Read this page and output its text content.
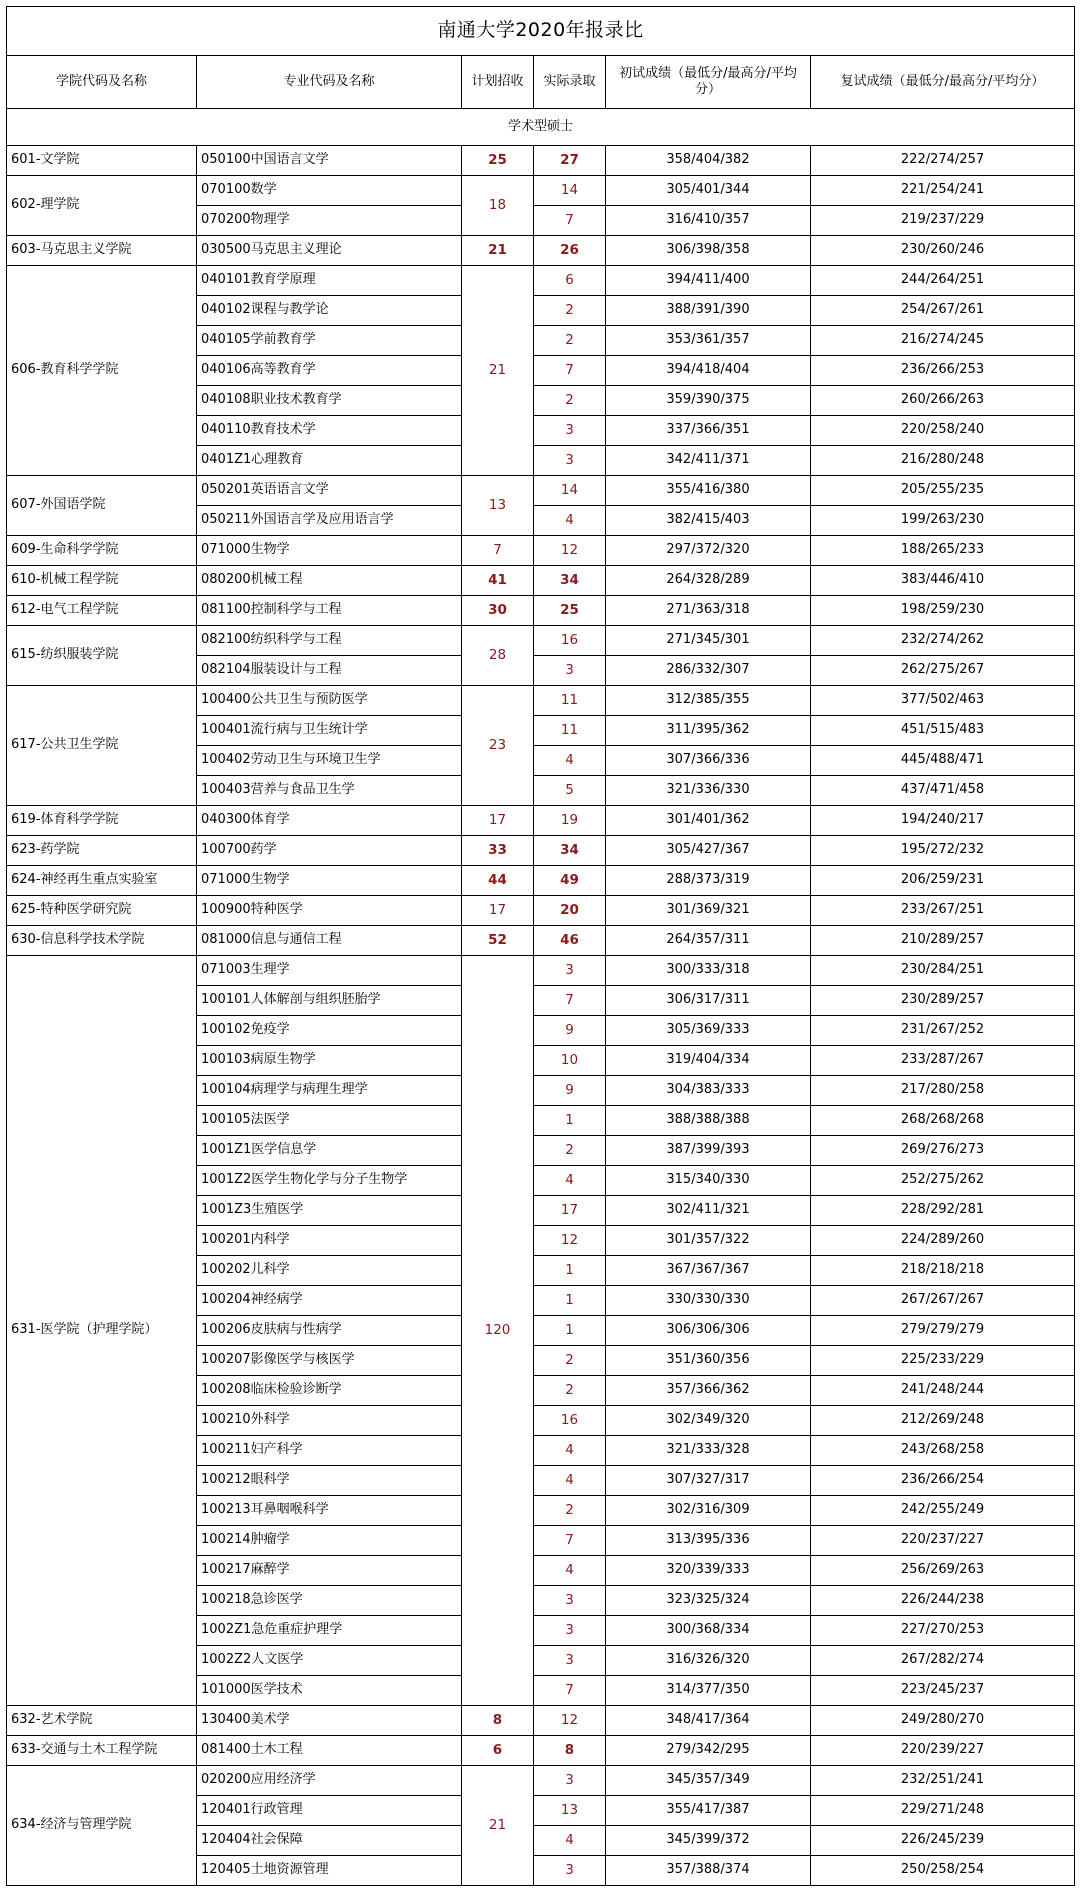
南通大学2020年报录比					
学院代码及名称	专业代码及名称	计划招收	实际录取	初试成绩（最低分/最高分/平均分）	复试成绩（最低分/最高分/平均分）
学术型硕士					
601-文学院	050100中国语言文学	25	27	358/404/382	222/274/257
602-理学院	070100数学	18	14	305/401/344	221/254/241
	070200物理学		7	316/410/357	219/237/229
603-马克思主义学院	030500马克思主义理论	21	26	306/398/358	230/260/246
606-教育科学学院	040101教育学原理	21	6	394/411/400	244/264/251
	040102课程与教学论		2	388/391/390	254/267/261
	040105学前教育学		2	353/361/357	216/274/245
	040106高等教育学		7	394/418/404	236/266/253
	040108职业技术教育学		2	359/390/375	260/266/263
	040110教育技术学		3	337/366/351	220/258/240
	0401Z1心理教育		3	342/411/371	216/280/248
607-外国语学院	050201英语语言文学	13	14	355/416/380	205/255/235
	050211外国语言学及应用语言学		4	382/415/403	199/263/230
609-生命科学学院	071000生物学	7	12	297/372/320	188/265/233
610-机械工程学院	080200机械工程	41	34	264/328/289	383/446/410
612-电气工程学院	081100控制科学与工程	30	25	271/363/318	198/259/230
615-纺织服装学院	082100纺织科学与工程	28	16	271/345/301	232/274/262
	082104服装设计与工程		3	286/332/307	262/275/267
617-公共卫生学院	100400公共卫生与预防医学	23	11	312/385/355	377/502/463
	100401流行病与卫生统计学		11	311/395/362	451/515/483
	100402劳动卫生与环境卫生学		4	307/366/336	445/488/471
	100403营养与食品卫生学		5	321/336/330	437/471/458
619-体育科学学院	040300体育学	17	19	301/401/362	194/240/217
623-药学院	100700药学	33	34	305/427/367	195/272/232
624-神经再生重点实验室	071000生物学	44	49	288/373/319	206/259/231
625-特种医学研究院	100900特种医学	17	20	301/369/321	233/267/251
630-信息科学技术学院	081000信息与通信工程	52	46	264/357/311	210/289/257
631-医学院（护理学院）	071003生理学	120	3	300/333/318	230/284/251
	100101人体解剖与组织胚胎学		7	306/317/311	230/289/257
	100102免疫学		9	305/369/333	231/267/252
	100103病原生物学		10	319/404/334	233/287/267
	100104病理学与病理生理学		9	304/383/333	217/280/258
	100105法医学		1	388/388/388	268/268/268
	1001Z1医学信息学		2	387/399/393	269/276/273
	1001Z2医学生物化学与分子生物学		4	315/340/330	252/275/262
	1001Z3生殖医学		17	302/411/321	228/292/281
	100201内科学		12	301/357/322	224/289/260
	100202儿科学		1	367/367/367	218/218/218
	100204神经病学		1	330/330/330	267/267/267
	100206皮肤病与性病学		1	306/306/306	279/279/279
	100207影像医学与核医学		2	351/360/356	225/233/229
	100208临床检验诊断学		2	357/366/362	241/248/244
	100210外科学		16	302/349/320	212/269/248
	100211妇产科学		4	321/333/328	243/268/258
	100212眼科学		4	307/327/317	236/266/254
	100213耳鼻咽喉科学		2	302/316/309	242/255/249
	100214肿瘤学		7	313/395/336	220/237/227
	100217麻醉学		4	320/339/333	256/269/263
	100218急诊医学		3	323/325/324	226/244/238
	1002Z1急危重症护理学		3	300/368/334	227/270/253
	1002Z2人文医学		3	316/326/320	267/282/274
	101000医学技术		7	314/377/350	223/245/237
632-艺术学院	130400美术学	8	12	348/417/364	249/280/270
633-交通与土木工程学院	081400土木工程	6	8	279/342/295	220/239/227
634-经济与管理学院	020200应用经济学	21	3	345/357/349	232/251/241
	120401行政管理		13	355/417/387	229/271/248
	120404社会保障		4	345/399/372	226/245/239
	120405土地资源管理		3	357/388/374	250/258/254
